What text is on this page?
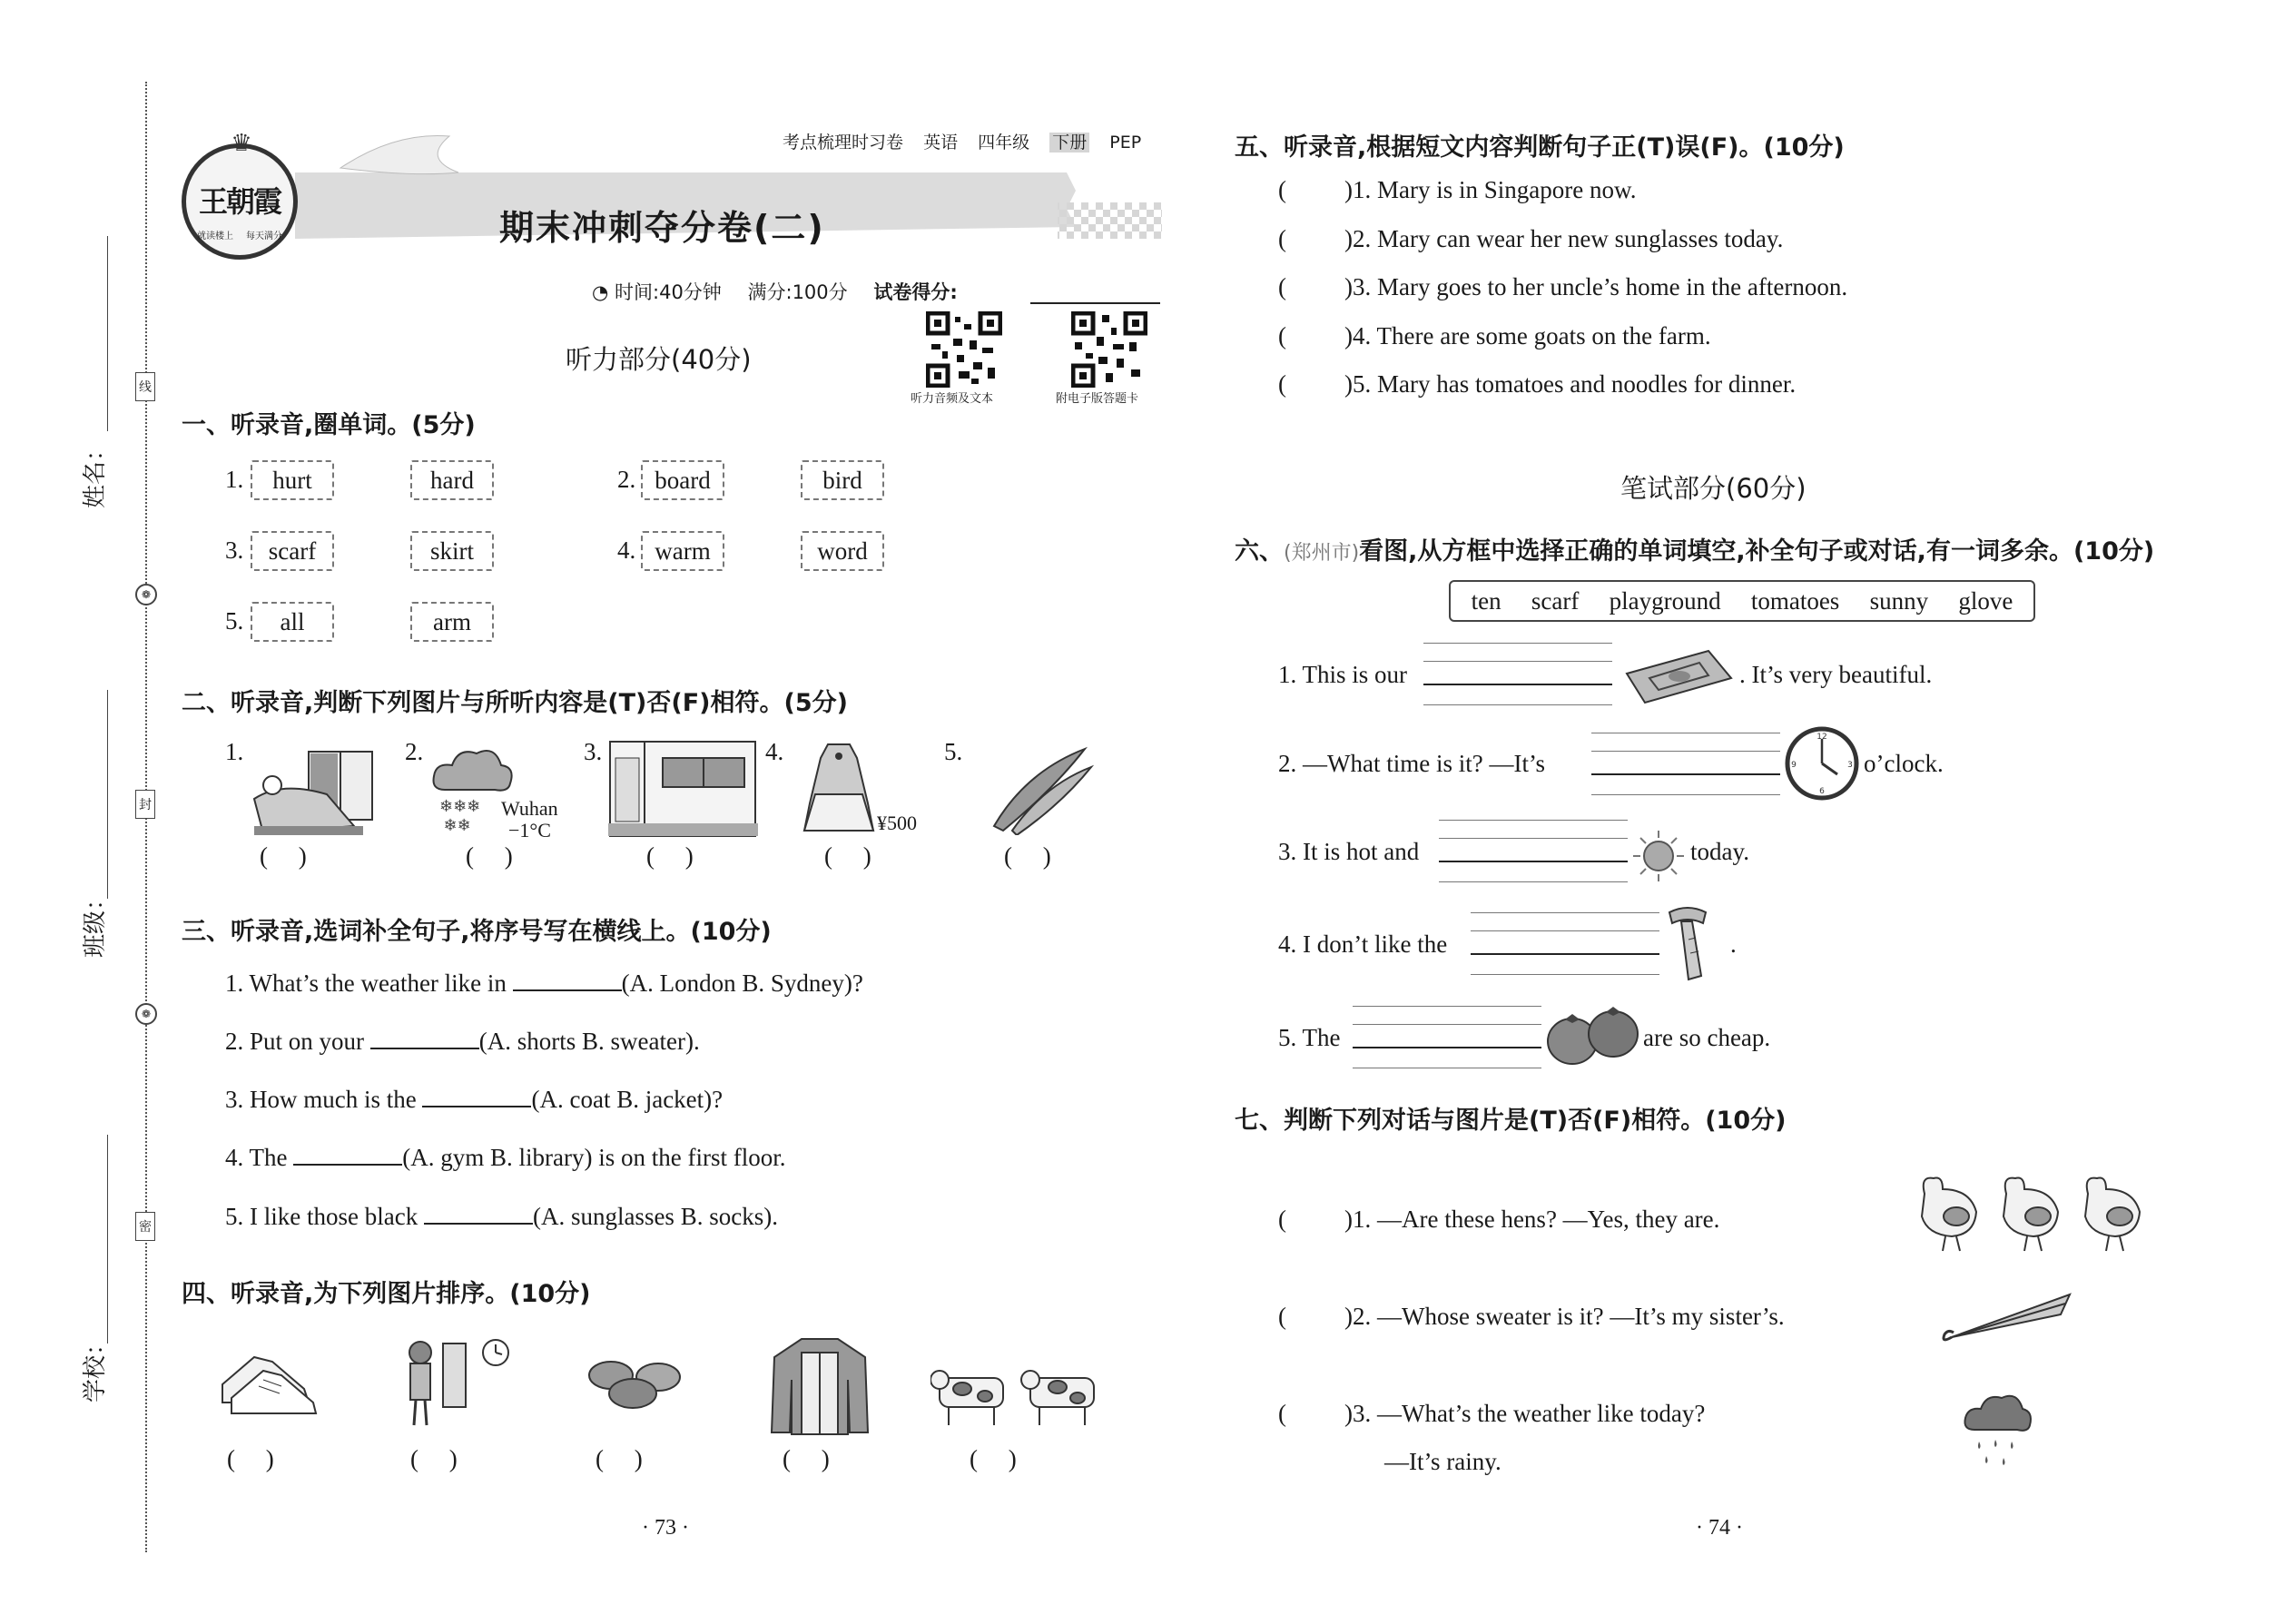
姓名：
班级：
学校：
线
封
密
❁
❁
♛
王朝霞
就读楼上 每天满分
考点梳理时习卷 英语 四年级 下册 PEP
期末冲刺夺分卷(二)
◔ 时间:40分钟 满分:100分 试卷得分:
听力音频及文本	附电子版答题卡
听力部分(40分)
一、听录音,圈单词。(5分)
1.	hurt	hard	2. board	bird
3.	scarf	skirt	4. warm	word
5.	all	arm
二、听录音,判断下列图片与所听内容是(T)否(F)相符。(5分)
1.
(     )
2.
❄❄❄
❄❄
Wuhan
−1°C
(     )
3.
(     )
4.
¥500
(     )
5.
(     )
三、听录音,选词补全句子,将序号写在横线上。(10分)
1. What’s the weather like in	(A. London B. Sydney)?
2. Put on your	(A. shorts B. sweater).
3. How much is the	(A. coat B. jacket)?
4. The	(A. gym B. library) is on the first floor.
5. I like those black	(A. sunglasses B. socks).
四、听录音,为下列图片排序。(10分)
(     )	(     )	(     )	(     )	(     )
· 73 ·
五、听录音,根据短文内容判断句子正(T)误(F)。(10分)
( )1. Mary is in Singapore now.
( )2. Mary can wear her new sunglasses today.
( )3. Mary goes to her uncle’s home in the afternoon.
( )4. There are some goats on the farm.
( )5. Mary has tomatoes and noodles for dinner.
笔试部分(60分)
六、(郑州市)看图,从方框中选择正确的单词填空,补全句子或对话,有一词多余。(10分)
ten scarf playground tomatoes sunny glove
1. This is our	. It’s very beautiful.
2. —What time is it? —It’s
12
3
6
9	o’clock.
3. It is hot and	today.
4. I don’t like the	.
5. The	are so cheap.
七、判断下列对话与图片是(T)否(F)相符。(10分)
( )1. —Are these hens? —Yes, they are.
( )2. —Whose sweater is it? —It’s my sister’s.
( )3. —What’s the weather like today?
—It’s rainy.
· 74 ·
